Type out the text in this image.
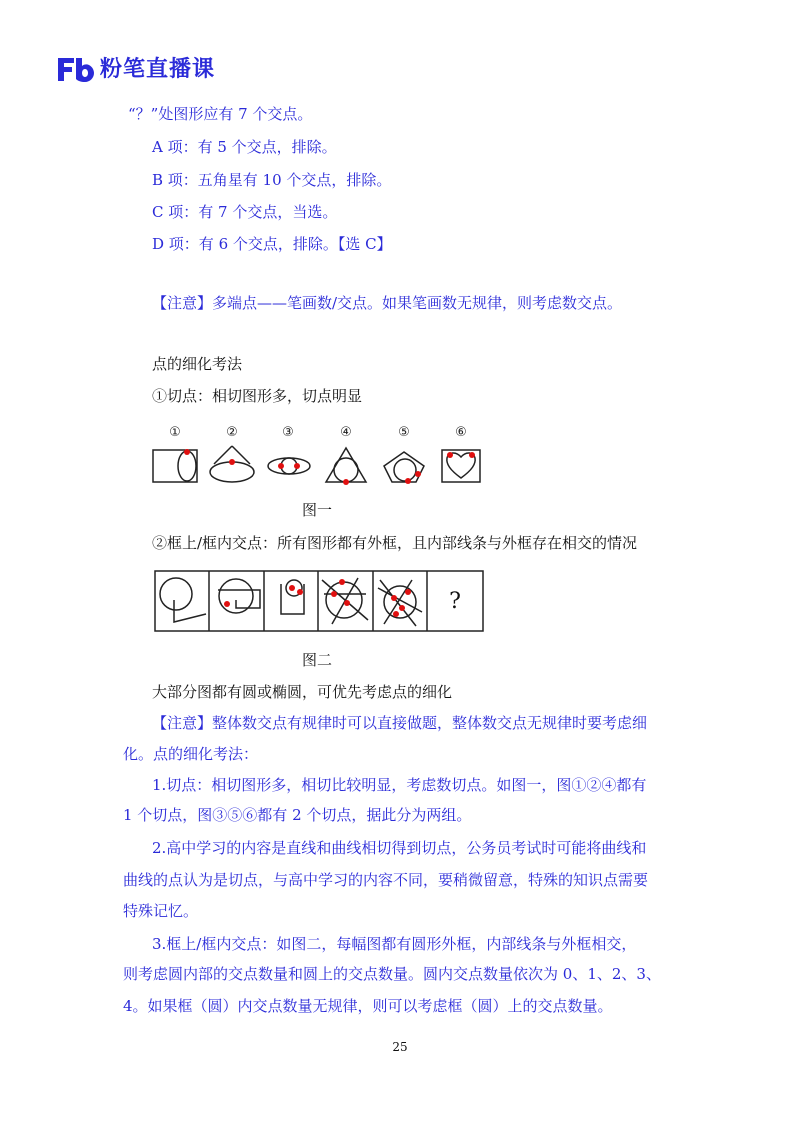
粉笔直播课
“？”处图形应有 7 个交点。
A 项：有 5 个交点，排除。
B 项：五角星有 10 个交点，排除。
C 项：有 7 个交点，当选。
D 项：有 6 个交点，排除。【选 C】
【注意】多端点——笔画数/交点。如果笔画数无规律，则考虑数交点。
点的细化考法
①切点：相切图形多，切点明显
①	②	③	④	⑤	⑥
图一
②框上/框内交点：所有图形都有外框，且内部线条与外框存在相交的情况
?
图二
大部分图都有圆或椭圆，可优先考虑点的细化
【注意】整体数交点有规律时可以直接做题，整体数交点无规律时要考虑细
化。点的细化考法：
1.切点：相切图形多，相切比较明显，考虑数切点。如图一，图①②④都有
1 个切点，图③⑤⑥都有 2 个切点，据此分为两组。
2.高中学习的内容是直线和曲线相切得到切点，公务员考试时可能将曲线和
曲线的点认为是切点，与高中学习的内容不同，要稍微留意，特殊的知识点需要
特殊记忆。
3.框上/框内交点：如图二，每幅图都有圆形外框，内部线条与外框相交，
则考虑圆内部的交点数量和圆上的交点数量。圆内交点数量依次为 0、1、2、3、
4。如果框（圆）内交点数量无规律，则可以考虑框（圆）上的交点数量。
25
